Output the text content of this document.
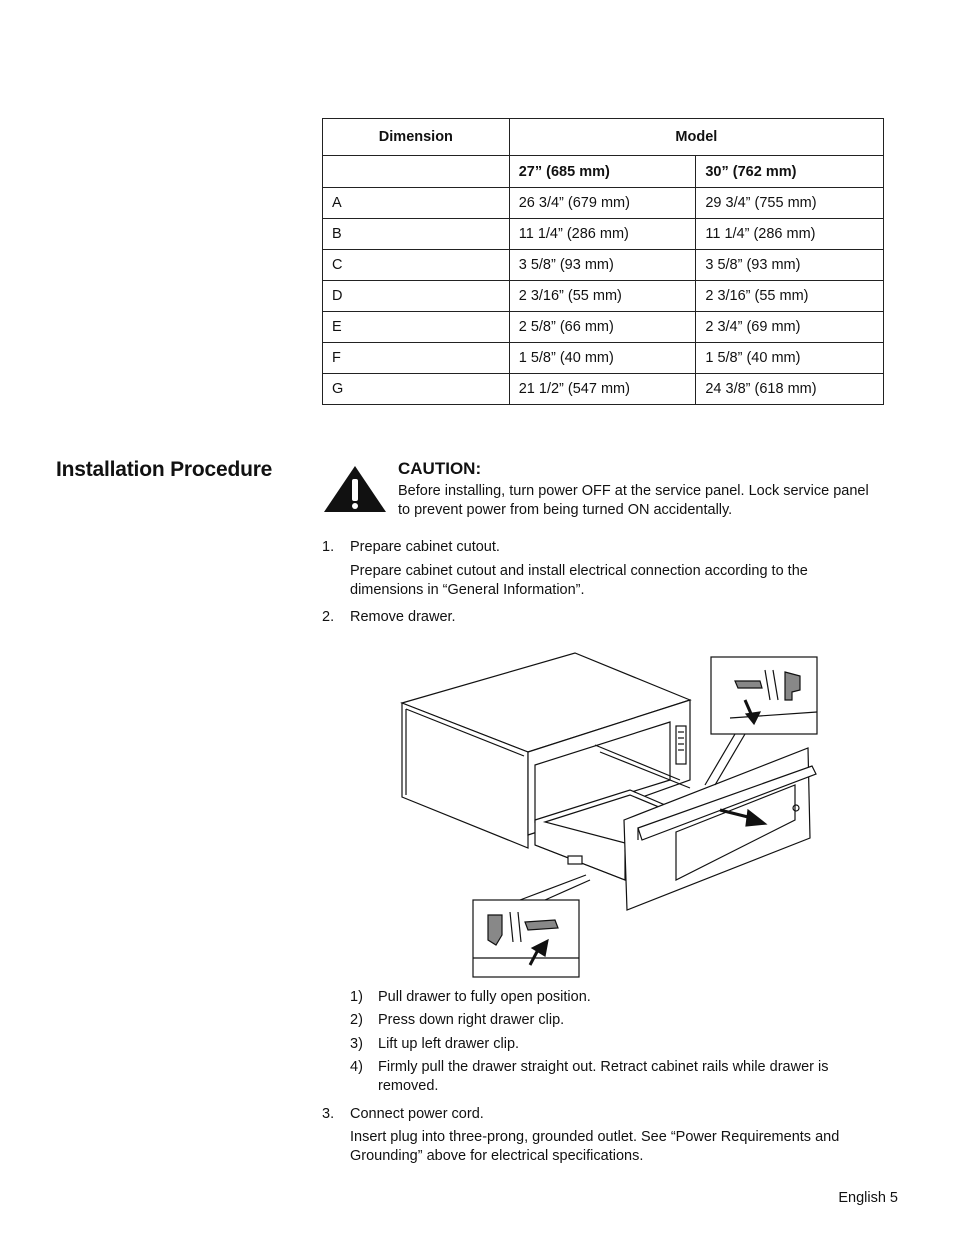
Dimension	Model	
	27” (685 mm)	30” (762 mm)
A	26 3/4” (679 mm)	29 3/4” (755 mm)
B	11 1/4” (286 mm)	11 1/4” (286 mm)
C	3 5/8” (93 mm)	3 5/8” (93 mm)
D	2 3/16” (55 mm)	2 3/16” (55 mm)
E	2 5/8” (66 mm)	2 3/4” (69 mm)
F	1 5/8” (40 mm)	1 5/8” (40 mm)
G	21 1/2” (547 mm)	24 3/8” (618 mm)
Installation Procedure	CAUTION:
Before installing, turn power OFF at the service panel. Lock service panel to prevent power from being turned ON accidentally.
1. Prepare cabinet cutout.
Prepare cabinet cutout and install electrical connection according to the dimensions in “General Information”.
2. Remove drawer.
1) Pull drawer to fully open position.
2) Press down right drawer clip.
3) Lift up left drawer clip.
4) Firmly pull the drawer straight out. Retract cabinet rails while drawer is removed.
3. Connect power cord.
Insert plug into three-prong, grounded outlet. See “Power Requirements and Grounding” above for electrical specifications.
English 5
